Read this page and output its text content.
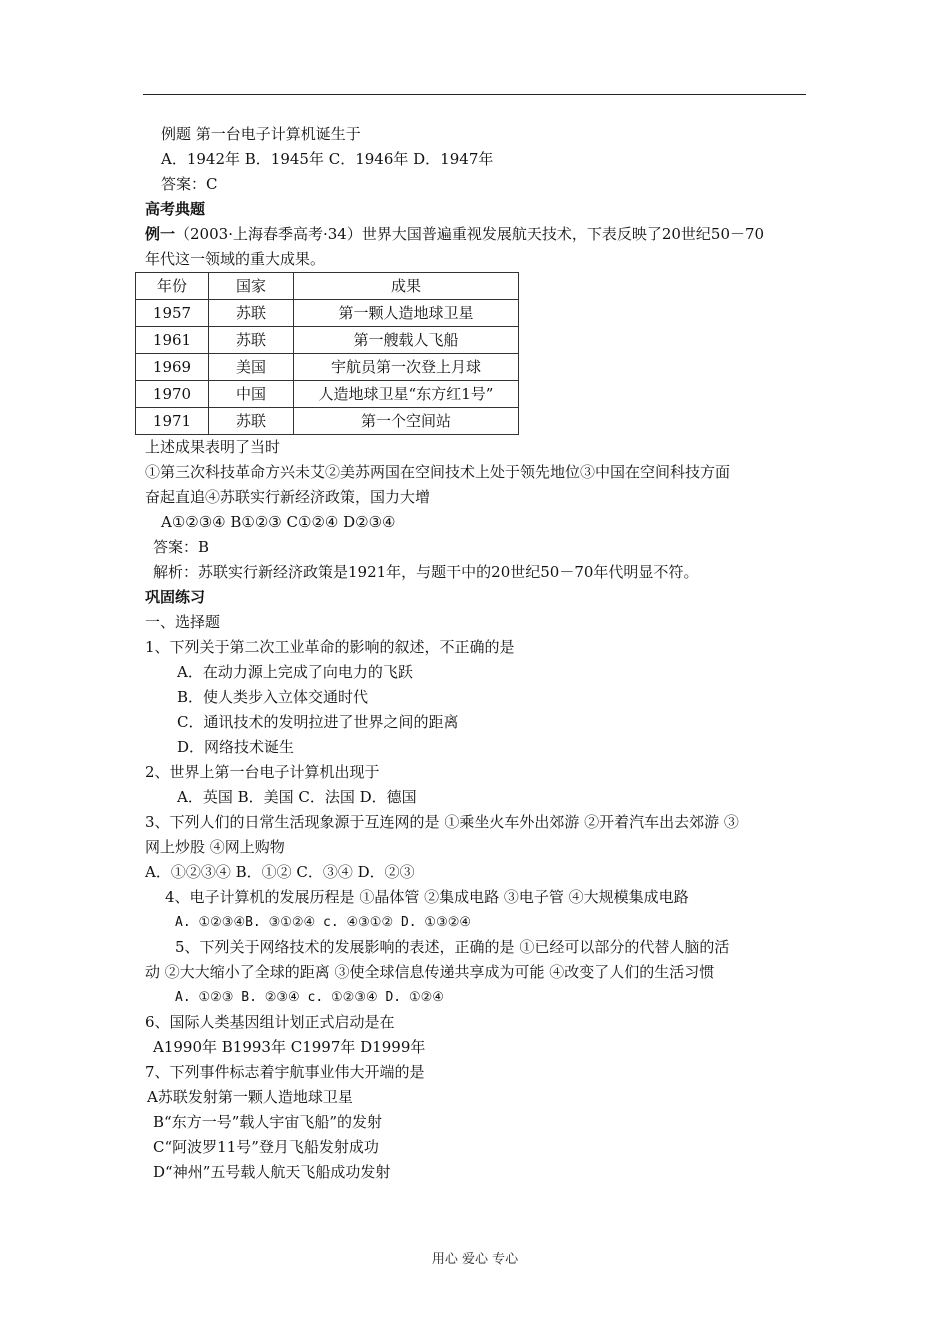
例题 第一台电子计算机诞生于
A．1942年 B．1945年 C．1946年 D．1947年
答案：C
高考典题
例一（2003·上海春季高考·34）世界大国普遍重视发展航天技术，下表反映了20世纪50－70
年代这一领域的重大成果。
年份	国家	成果
1957	苏联	第一颗人造地球卫星
1961	苏联	第一艘载人飞船
1969	美国	宇航员第一次登上月球
1970	中国	人造地球卫星“东方红1号”
1971	苏联	第一个空间站
上述成果表明了当时
①第三次科技革命方兴未艾②美苏两国在空间技术上处于领先地位③中国在空间科技方面
奋起直追④苏联实行新经济政策，国力大增
A①②③④ B①②③ C①②④ D②③④
答案：B
解析：苏联实行新经济政策是1921年，与题干中的20世纪50－70年代明显不符。
巩固练习
一、选择题
1、下列关于第二次工业革命的影响的叙述，不正确的是
A．在动力源上完成了向电力的飞跃
B．使人类步入立体交通时代
C．通讯技术的发明拉进了世界之间的距离
D．网络技术诞生
2、世界上第一台电子计算机出现于
A．英国 B．美国 C．法国 D．德国
3、下列人们的日常生活现象源于互连网的是 ①乘坐火车外出郊游 ②开着汽车出去郊游 ③
网上炒股 ④网上购物
A．①②③④ B．①② C．③④ D．②③
4、电子计算机的发展历程是 ①晶体管 ②集成电路 ③电子管 ④大规模集成电路
A. ①②③④B. ③①②④ c. ④③①② D. ①③②④
5、下列关于网络技术的发展影响的表述，正确的是 ①已经可以部分的代替人脑的活
动 ②大大缩小了全球的距离 ③使全球信息传递共享成为可能 ④改变了人们的生活习惯
A. ①②③ B. ②③④ c. ①②③④ D. ①②④
6、国际人类基因组计划正式启动是在
A1990年 B1993年 C1997年 D1999年
7、下列事件标志着宇航事业伟大开端的是
A苏联发射第一颗人造地球卫星
B“东方一号”载人宇宙飞船”的发射
C“阿波罗11号”登月飞船发射成功
D“神州”五号载人航天飞船成功发射
用心 爱心 专心
